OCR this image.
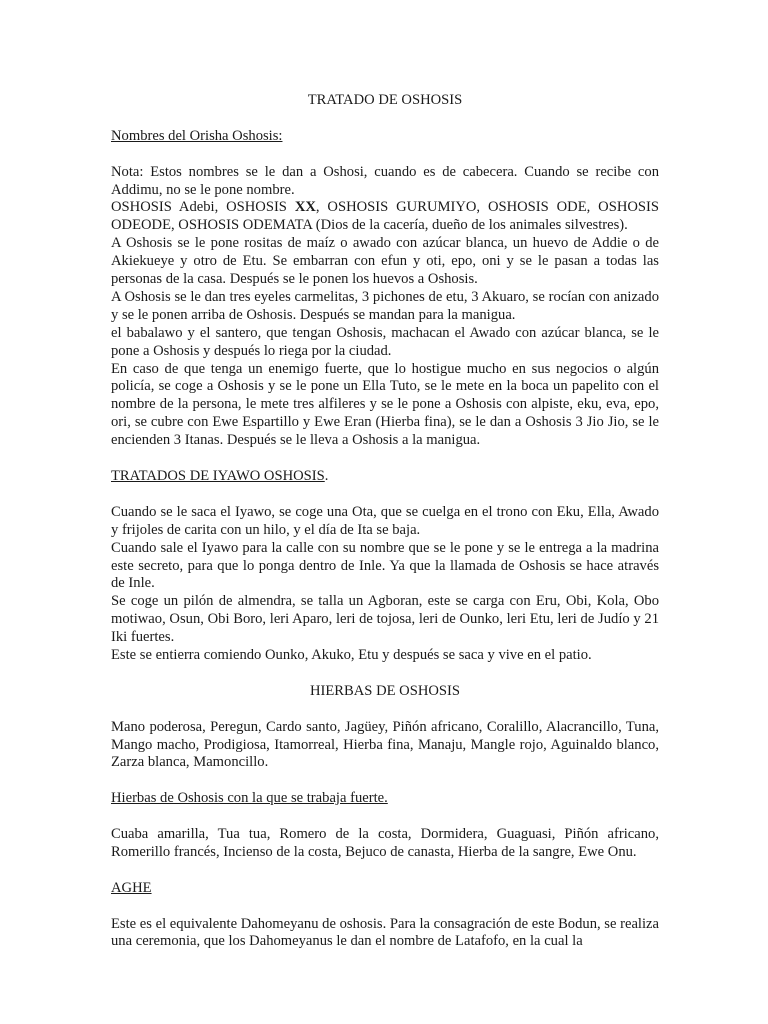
TRATADO DE OSHOSIS
Nombres del Orisha Oshosis:

Nota: Estos nombres se le dan a Oshosi, cuando es de cabecera. Cuando se recibe con Addimu, no se le pone nombre.

OSHOSIS Adebi, OSHOSIS XX, OSHOSIS GURUMIYO, OSHOSIS ODE, OSHOSIS ODEODE, OSHOSIS ODEMATA (Dios de la cacería, dueño de los animales silvestres).

A Oshosis se le pone rositas de maíz o awado con azúcar blanca, un huevo de Addie o de Akiekueye y otro de Etu. Se embarran con efun y oti, epo, oni y se le pasan a todas las personas de la casa. Después se le ponen los huevos a Oshosis.

A Oshosis se le dan tres eyeles carmelitas, 3 pichones de etu, 3 Akuaro, se rocían con anizado y se le ponen arriba de Oshosis. Después se mandan para la manigua.

el babalawo y el santero, que tengan Oshosis, machacan el Awado con azúcar blanca, se le pone a Oshosis y después lo riega por la ciudad.

En caso de que tenga un enemigo fuerte, que lo hostigue mucho en sus negocios o algún policía, se coge a Oshosis y se le pone un Ella Tuto, se le mete en la boca un papelito con el nombre de la persona, le mete tres alfileres y se le pone a Oshosis con alpiste, eku, eva, epo, ori, se cubre con Ewe Espartillo y Ewe Eran (Hierba fina), se le dan a Oshosis 3 Jio Jio, se le encienden 3 Itanas. Después se le lleva a Oshosis a la manigua.

TRATADOS DE IYAWO OSHOSIS.

Cuando se le saca el Iyawo, se coge una Ota, que se cuelga en el trono con Eku, Ella, Awado y frijoles de carita con un hilo, y el día de Ita se baja.

Cuando sale el Iyawo para la calle con su nombre que se le pone y se le entrega a la madrina este secreto, para que lo ponga dentro de Inle. Ya que la llamada de Oshosis se hace através de Inle.

Se coge un pilón de almendra, se talla un Agboran, este se carga con Eru, Obi, Kola, Obo motiwao, Osun, Obi Boro, leri Aparo, leri de tojosa, leri de Ounko, leri Etu, leri de Judío y 21 Iki fuertes.

Este se entierra comiendo Ounko, Akuko, Etu y después se saca y vive en el patio.

HIERBAS DE OSHOSIS

Mano poderosa, Peregun, Cardo santo, Jagüey, Piñón africano, Coralillo, Alacrancillo, Tuna, Mango macho, Prodigiosa, Itamorreal, Hierba fina, Manaju, Mangle rojo, Aguinaldo blanco, Zarza blanca, Mamoncillo.

Hierbas de Oshosis con la que se trabaja fuerte.

Cuaba amarilla, Tua tua, Romero de la costa, Dormidera, Guaguasi, Piñón africano, Romerillo francés, Incienso de la costa, Bejuco de canasta, Hierba de la sangre, Ewe Onu.

AGHE

Este es el equivalente Dahomeyanu de oshosis. Para la consagración de este Bodun, se realiza una ceremonia, que los Dahomeyanus le dan el nombre de Latafofo, en la cual la
